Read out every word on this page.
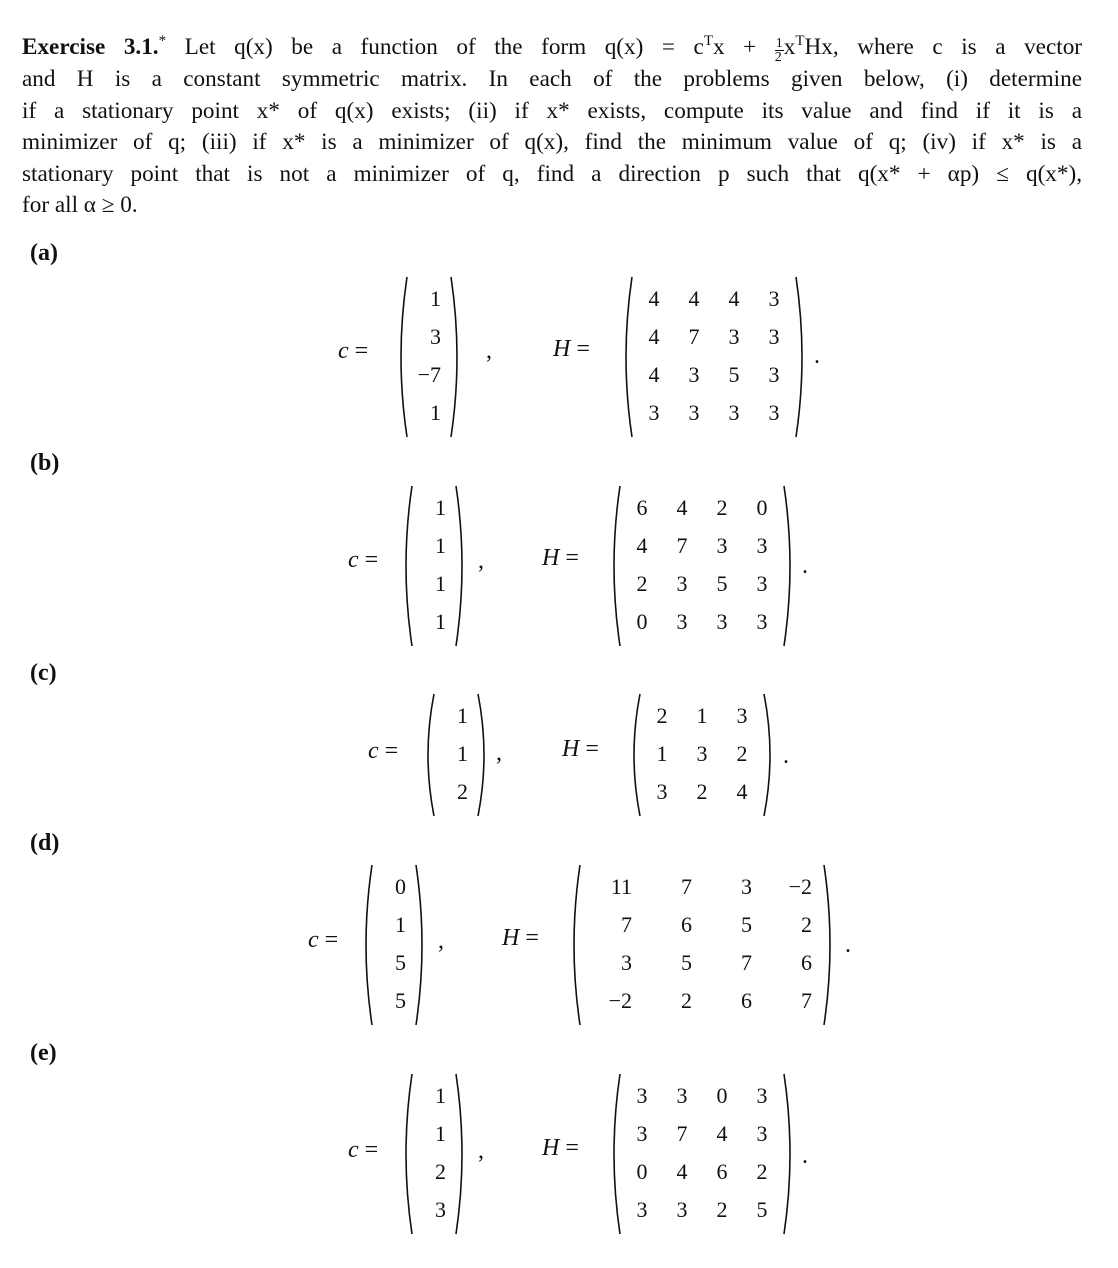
Exercise 3.1.* Let q(x) be a function of the form $q(x) = c^Tx + \frac{1}{2} x^THx$, where c is a vector
and H is a constant symmetric matrix. In each of the problems given below, (i) determine
if a stationary point x* of q(x) exists; (ii) if x* exists, compute its value and find if it is a
minimizer of q; (iii) if x* is a minimizer of q(x), find the minimum value of q; (iv) if x* is a
stationary point that is not a minimizer of q, find a direction p such that q(x* + αp) ≤ q(x*),
for all α ≥ 0.
(a)
c =
1
3
−7
1
,	H =
4	4	4	3
4	7	3	3
4	3	5	3
3	3	3	3
.
(b)
c =
1
1
1
1
, H =
6	4	2	0
4	7	3	3
2	3	5	3
0	3	3	3
.
(c)
c =
1
1
2
,	H =
2	1	3
1	3	2
3	2	4
.
(d)
c =
0
1
5
5
, H =
11	7	3	−2
7	6	5	2
3	5	7	6
−2	2	6	7
.
(e)
c =
1
1
2
3
, H =
3	3	0	3
3	7	4	3
0	4	6	2
3	3	2	5
.
